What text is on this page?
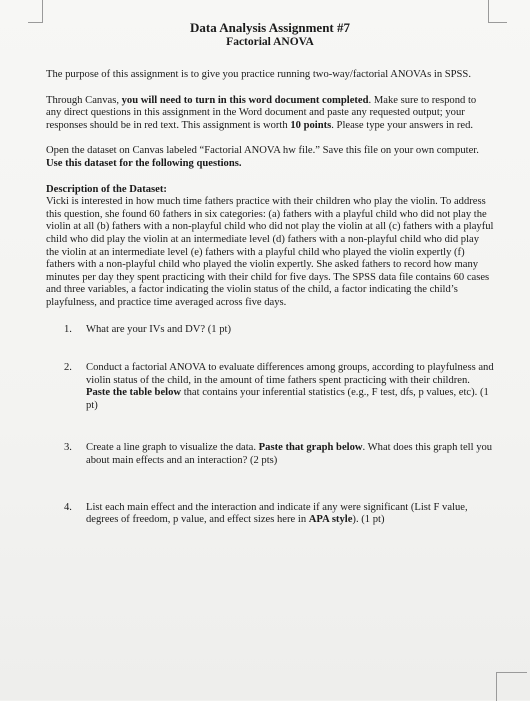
Data Analysis Assignment #7
Factorial ANOVA

The purpose of this assignment is to give you practice running two-way/factorial ANOVAs in SPSS.

Through Canvas, you will need to turn in this word document completed. Make sure to respond to any direct questions in this assignment in the Word document and paste any requested output; your responses should be in red text. This assignment is worth 10 points. Please type your answers in red.

Open the dataset on Canvas labeled “Factorial ANOVA hw file.” Save this file on your own computer. Use this dataset for the following questions.

Description of the Dataset:
Vicki is interested in how much time fathers practice with their children who play the violin. To address this question, she found 60 fathers in six categories: (a) fathers with a playful child who did not play the violin at all (b) fathers with a non-playful child who did not play the violin at all (c) fathers with a playful child who did play the violin at an intermediate level (d) fathers with a non-playful child who did play the violin at an intermediate level (e) fathers with a playful child who played the violin expertly (f) fathers with a non-playful child who played the violin expertly. She asked fathers to record how many minutes per day they spent practicing with their child for five days. The SPSS data file contains 60 cases and three variables, a factor indicating the violin status of the child, a factor indicating the child’s playfulness, and practice time averaged across five days.
1. What are your IVs and DV? (1 pt)
2. Conduct a factorial ANOVA to evaluate differences among groups, according to playfulness and violin status of the child, in the amount of time fathers spent practicing with their children. Paste the table below that contains your inferential statistics (e.g., F test, dfs, p values, etc). (1 pt)
3. Create a line graph to visualize the data. Paste that graph below. What does this graph tell you about main effects and an interaction? (2 pts)
4. List each main effect and the interaction and indicate if any were significant (List F value, degrees of freedom, p value, and effect sizes here in APA style). (1 pt)
